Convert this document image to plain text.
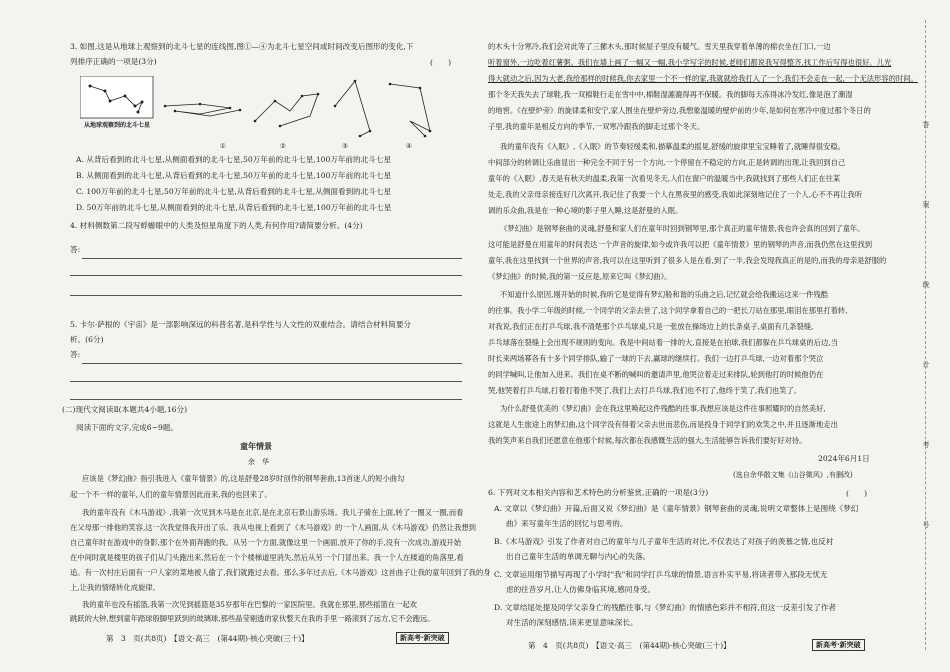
3. 如图,这是从地球上观察到的北斗七星的连线图,图①—④为北斗七星空间或时间改变后图形的变化,下
列排序正确的一项是(3分)	(　　)
从地球观察到的北斗七星
①	②	③	④
A. 从背后看到的北斗七星,从侧面看到的北斗七星,50万年前的北斗七星,100万年前的北斗七星
B. 从侧面看到的北斗七星,从背后看到的北斗七星,50万年前的北斗七星,100万年前的北斗七星
C. 100万年前的北斗七星,50万年前的北斗七星,从背后看到的北斗七星,从侧面看到的北斗七星
D. 50万年前的北斗七星,从侧面看到的北斗七星,从背后看到的北斗七星,100万年前的北斗七星
4. 材料侧数第二段写蜉蝣眼中的人类及恒星角度下的人类,有何作用?请简要分析。(4分)
答:
5. 卡尔·萨根的《宇宙》是一部影响深远的科普名著,是科学性与人文性的双重结合。请结合材料简要分
析。(6分)
答:
(二)现代文阅读Ⅱ(本题共4小题,16分)
阅读下面的文字,完成6~9题。
童年情景
余　华
应该是《梦幻曲》指引我进入《童年情景》的,这是舒曼28岁时创作的钢琴套曲,13首迷人的短小曲勾
起一个不一样的童年,人们的童年情景因此而来,我的也回来了。
我的童年没有《木马游戏》,我第一次见到木马是在北京,是在北京石景山游乐场。我儿子骑在上面,转了一圈又一圈,而看
在父母那一排他的笑容,这一次我觉得我开出了乐。我从电视上看到了《木马游戏》的一个人画面,从《木马游戏》仍然让我想到
自己童年时在游戏中的身影,那个在外面奔跑的我。从另一个方面,就像这里一个画面,放开了你的手,没有一次成功,游戏开始
在中间时就是楼里的孩子们从门头跑出来,然后在一个个楼梯道里消失,然后从另一个门冒出来。我一个人在楼道的角落里,看
追。有一次村庄后面有一户人家的菜地被人偷了,我们就跑过去看。那么多年过去后,《木马游戏》这首曲子让我的童年回到了我的身
上,让我的情绪转化成旋律。
我的童年也没有摇篮,我第一次见到摇篮是35岁那年在巴黎的一家医院里。我就在那里,那些摇篮在一起欢
跳跃的大钟,想到童年踏球般脚里跃到的玻璃球,那些晶莹剔透的家伙整天在我的手里一路滚到了远方,它不会跑远。
第　3　页(共8页)　【语文·高三　(第44期)·核心突破(三十)】	新高考·新突破
的木头十分寒冷,我们会对此等了三摞木头,那时候屋子里没有暖气。雪天里我穿着单薄的棉衣坐在门口,一边
听着窗外,一边吃着红薯粥。我们在墙上画了一幅又一幅,我小学写字的时候,老师们都说我写得整齐,找工作后写得也很好。儿光
得大就动之后,因为大老,我给那样的时候我,你去家里一个不一样的家,我就就给我打入了一个,我们不会走在一起,一个无法形容的时间。
那个冬天我失去了球鞋,我一双棉鞋行走在雪中中,棉鞋湿漉漉得再不保暖。我的脚每天冻得冰冷发红,像是泡了潮湿
的地窖。《在壁炉旁》的旋律柔和安宁,家人围坐在壁炉旁边,我想象温暖的壁炉前的少年,是如何在寒冷中度过那个冬日的
子里,我的童年是相反方向的季节,一双寒冷跟我的脚走过那个冬天。
我的童年没有《入眠》,《入眠》的节奏轻缓柔和,描摹温柔的摇晃,舒缓的旋律里宝宝睡着了,就睡得很安稳。
中间部分的转调让乐曲显出一种完全不同于另一个方向,一个停留在不稳定的方向,正是转调的出现,让我回到自己
童年的《入眠》,春天是有秋天的温柔,我第一次看见冬天,人们在窗户的温暖当中,我就找到了那些人们正在往某
处走,我的父亲母亲接连好几次离开,我记住了我要一个人在黑夜里的感受,我如此深刻地记住了一个人,心不不再让我听
调的乐众曲,我是在一种心境的影子里入睡,这是舒曼的入眠。
《梦幻曲》是钢琴套曲的灵魂,舒曼和家人们在童年时回到钢琴里,那个真正的童年情景,我也许会真的回到了童年。
这可能是舒曼在用童年的时间表达一个声音的旋律,如今或许我可以把《童年情景》里的钢琴的声音,而我仍然在这里找到
童年,我在这里找到一个世界的声音,我可以在这里听到了很多人是在看,到了一半,我会发现我真正的是的,而我的母亲是舒服的
《梦幻曲》的时候,我的第一反应是,原来它叫《梦幻曲》。
不知道什么原因,刚开始的时候,我听它是觉得有梦幻般和谐的乐曲之后,记忆就会给我搬运这来一件残酷
的往事。我小学二年级的时候,一个同学的父亲去世了,这个同学拿着自己的一把长刀站在那里,眼泪在那里打着转,
对我说,我们正在打乒乓球,我不清楚那个乒乓球桌,只是一张放在操场边上的长条桌子,桌面有几条裂缝,
乒乓球落在裂缝上会出现不规则的变向。我是中间站着一排的大,直接是在拍球,我们都躲在乒乓球桌的后边,当
时长来两场幂各有十多个同学排队,输了一球的下去,赢球的继续打。我们一边打乒乓球,一边对着那个哭泣
的同学喊叫,让他加入进来。我们在桌不断的喊叫的邀请声里,他哭泣着走过来排队,轮到他打的时候他仍在
哭,他哭着打乒乓球,打着打着他不哭了,我们上去打乒乓球,我们也不打了,他终于笑了,我们也笑了。
为什么舒曼优美的《梦幻曲》会在我这里唤起这件残酷的往事,我想应该是这件往事照耀时的自然美好,
这就是人生旅途上的梦幻曲,这个同学没有得着父亲去世而悲伤,而是投身于同学们的欢笑之中,并且逐渐地走出
我的笑声来自我们还愿意在他那个时候,每次都在我感慨生活的强大,生活能够告诉我们要好好对待。
2024年6月1日
(选自余华散文集《山谷微风》,有删改)
6. 下列对文本相关内容和艺术特色的分析鉴赏,正确的一项是(3分)	(　　)
A. 文章以《梦幻曲》开篇,后面又说《梦幻曲》是《童年情景》钢琴套曲的灵魂,说明文章整体上是围绕《梦幻
曲》来写童年生活的回忆与思考的。
B.《木马游戏》引发了作者对自己的童年与儿子童年生活的对比,不仅表达了对孩子的羡慕之情,也反衬
出自己童年生活的单调无聊与内心的失落。
C. 文章运用细节描写再现了小学时"我"和同学打乒乓球的情景,语言朴实平易,将读者带入那段无忧无
虑的往昔岁月,让人仿佛身临其境,感同身受。
D. 文章结尾处提及同学父亲身亡的残酷往事,与《梦幻曲》的情感色彩并不相符,但这一反差引发了作者
对生活的深刻感悟,读来更显意味深长。
第　4　页(共8页)　【语文·高三　(第44期)·核心突破(三十)】	新高考·新突破
答
案
统
计
考
号
